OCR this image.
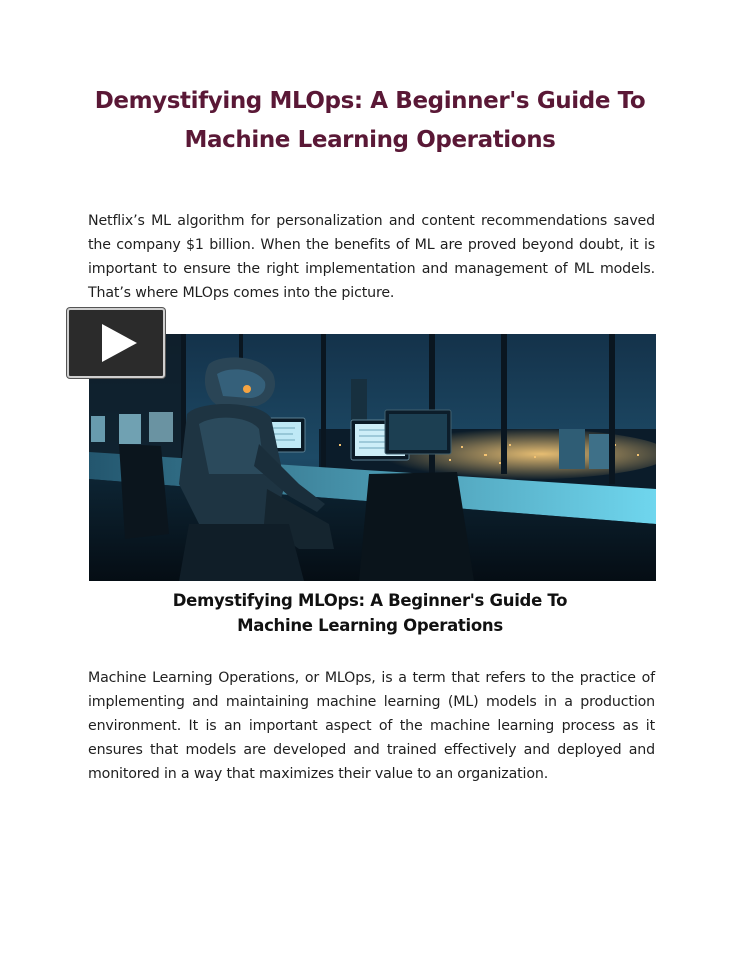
Demystifying MLOps: A Beginner's Guide To
Machine Learning Operations

Netflix’s ML algorithm for personalization and content recommendations saved the company $1 billion. When the benefits of ML are proved beyond doubt, it is important to ensure the right implementation and management of ML models. That’s where MLOps comes into the picture.

Demystifying MLOps: A Beginner's Guide To
Machine Learning Operations

Machine Learning Operations, or MLOps, is a term that refers to the practice of implementing and maintaining machine learning (ML) models in a production environment. It is an important aspect of the machine learning process as it ensures that models are developed and trained effectively and deployed and monitored in a way that maximizes their value to an organization.
